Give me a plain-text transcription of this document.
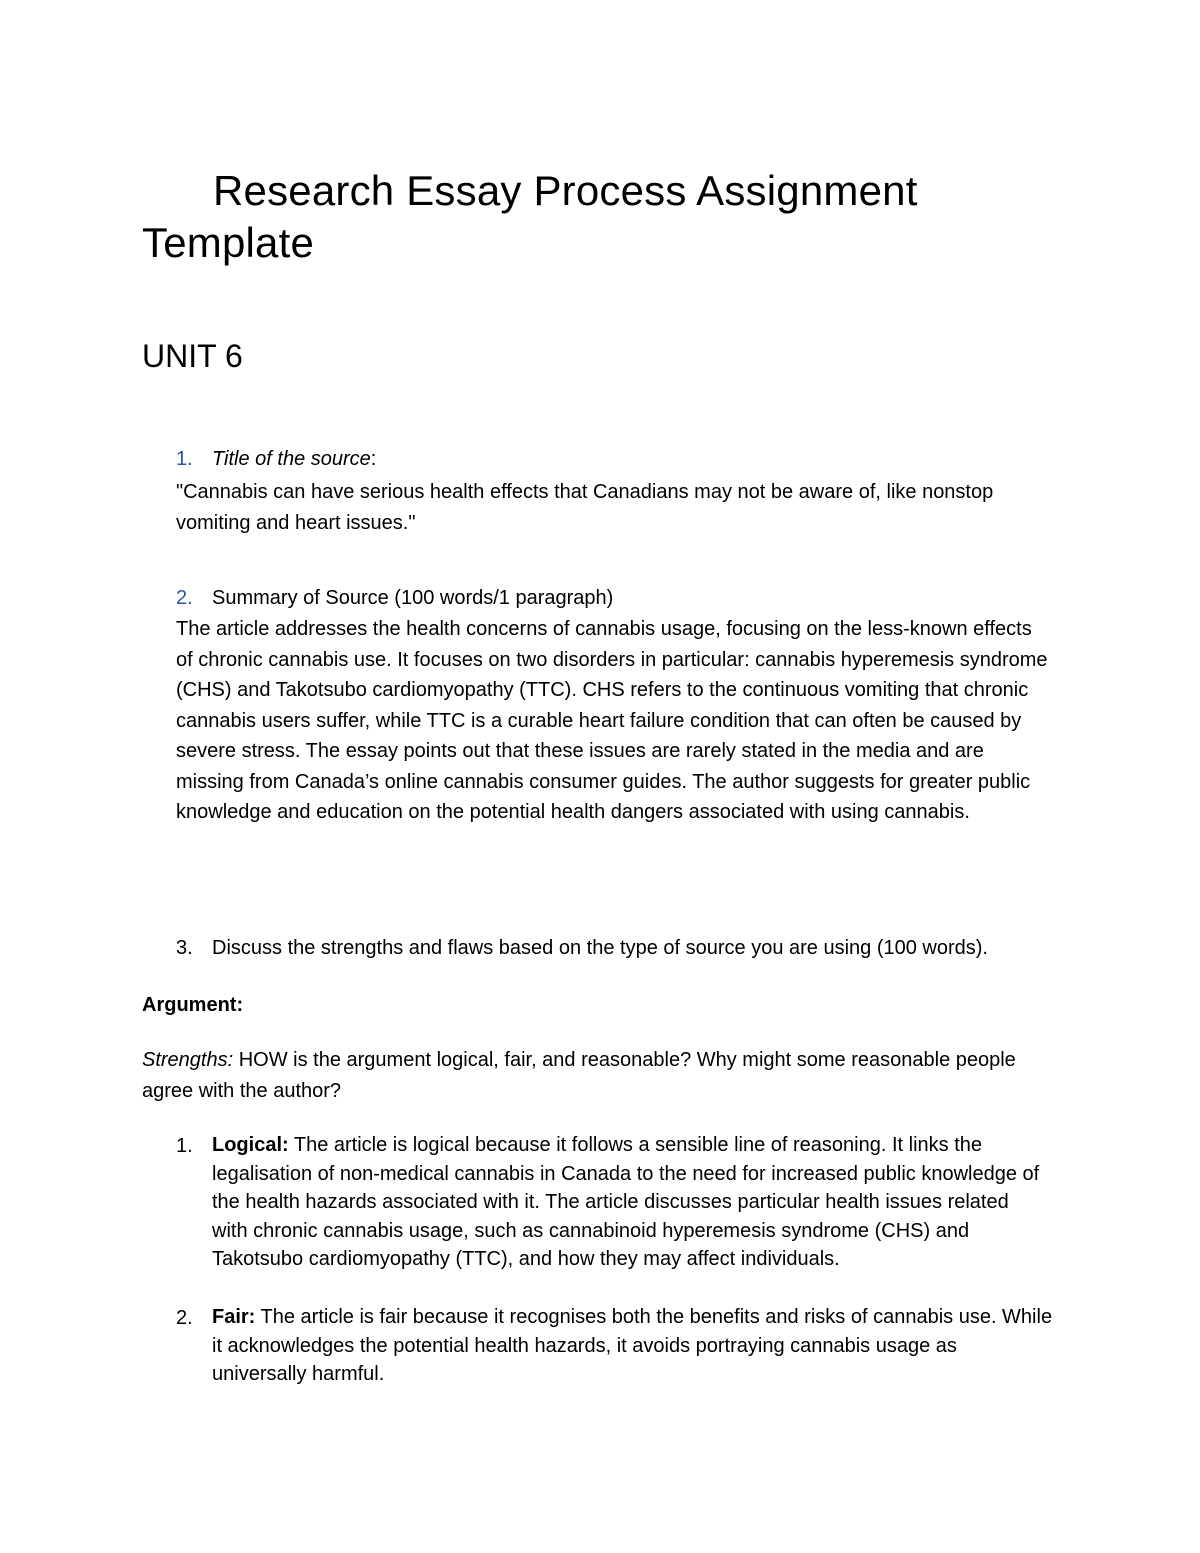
Research Essay Process Assignment
Template
UNIT 6
1. Title of the source:

"Cannabis can have serious health effects that Canadians may not be aware of, like nonstop vomiting and heart issues."

2. Summary of Source (100 words/1 paragraph)

The article addresses the health concerns of cannabis usage, focusing on the less-known effects of chronic cannabis use. It focuses on two disorders in particular: cannabis hyperemesis syndrome (CHS) and Takotsubo cardiomyopathy (TTC). CHS refers to the continuous vomiting that chronic cannabis users suffer, while TTC is a curable heart failure condition that can often be caused by severe stress. The essay points out that these issues are rarely stated in the media and are missing from Canada’s online cannabis consumer guides. The author suggests for greater public knowledge and education on the potential health dangers associated with using cannabis.

3. Discuss the strengths and flaws based on the type of source you are using (100 words).
Argument:

Strengths: HOW is the argument logical, fair, and reasonable? Why might some reasonable people agree with the author?

1. Logical: The article is logical because it follows a sensible line of reasoning. It links the legalisation of non-medical cannabis in Canada to the need for increased public knowledge of the health hazards associated with it. The article discusses particular health issues related with chronic cannabis usage, such as cannabinoid hyperemesis syndrome (CHS) and Takotsubo cardiomyopathy (TTC), and how they may affect individuals.

2. Fair: The article is fair because it recognises both the benefits and risks of cannabis use. While it acknowledges the potential health hazards, it avoids portraying cannabis usage as universally harmful.
